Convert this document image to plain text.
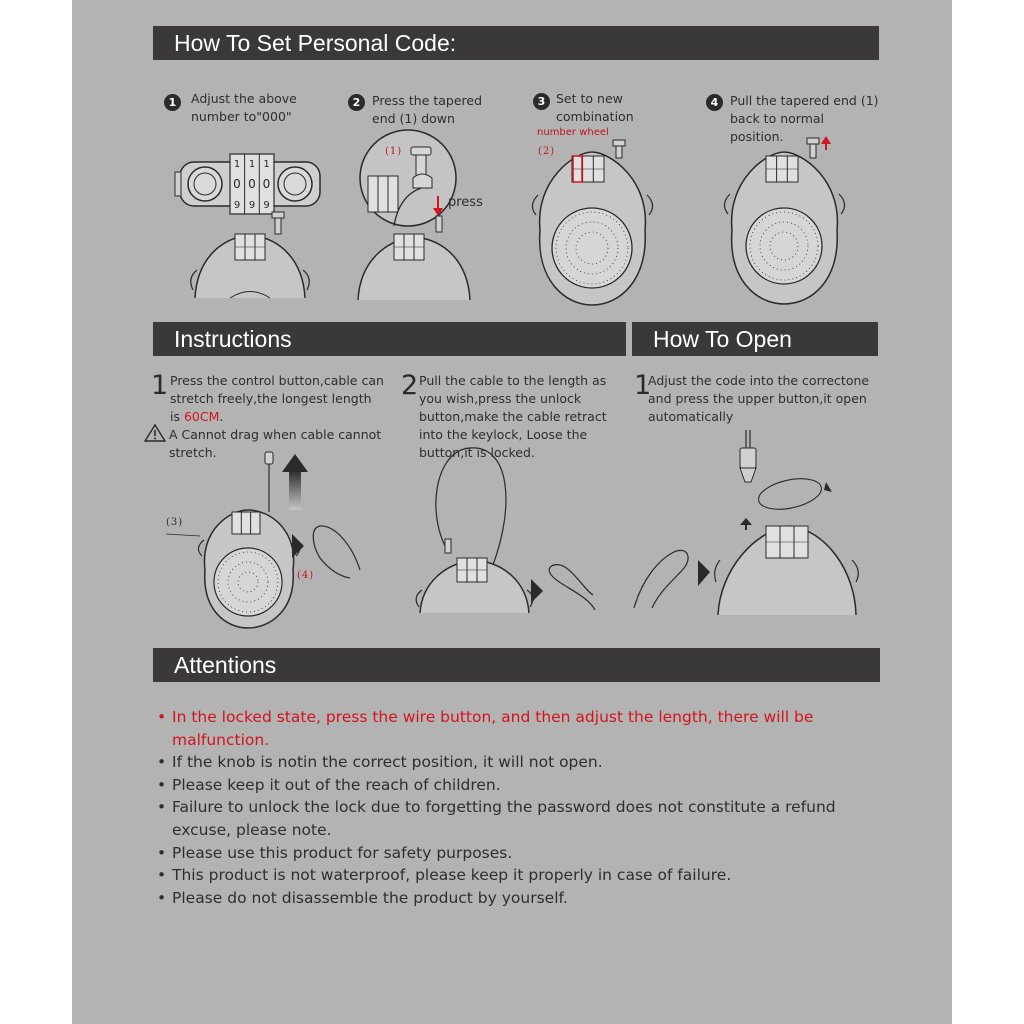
How To Set Personal Code:
Instructions	How To Open
Attentions
1	Adjust the above number to"000"
2 Press the tapered end (1) down
3 Set to new combination
4 Pull the tapered end (1) back to normal position.
1 1 1
0 0 0
9 9 9
(1)
press
number wheel
(2)
1 Press the control button,cable can stretch freely,the longest length is 60CM.
A Cannot drag when cable cannot stretch.
(3)
(4)
2 Pull the cable to the length as you wish,press the unlock button,make the cable retract into the keylock, Loose the button,it is locked.
1
Adjust the code into the correctone and press the upper button,it open automatically
• In the locked state, press the wire button, and then adjust the length, there will be malfunction.
• If the knob is notin the correct position, it will not open.
• Please keep it out of the reach of children.
• Failure to unlock the lock due to forgetting the password does not constitute a refund excuse, please note.
• Please use this product for safety purposes.
• This product is not waterproof, please keep it properly in case of failure.
• Please do not disassemble the product by yourself.
